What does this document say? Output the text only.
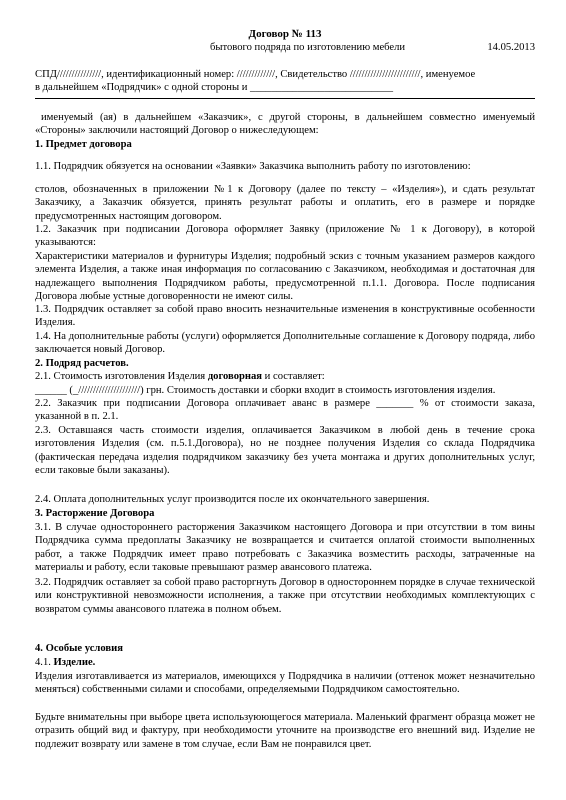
Договор № 113
бытового подряда по изготовлению мебели	14.05.2013

СПД///////////////, идентификационный номер: /////////////, Свидетельство ////////////////////////, именуемое

в дальнейшем «Подрядчик» с одной стороны и ___________________________

именуемый (ая) в дальнейшем «Заказчик», с другой стороны, в дальнейшем совместно именуемый «Стороны» заключили настоящий Договор о нижеследующем:
1. Предмет договора
1.1. Подрядчик обязуется на основании «Заявки» Заказчика выполнить работу по изготовлению:
столов, обозначенных в приложении №1 к Договору (далее по тексту – «Изделия»), и сдать результат Заказчику, а Заказчик обязуется, принять результат работы и оплатить, его в размере и порядке предусмотренных настоящим договором.
1.2. Заказчик при подписании Договора оформляет Заявку (приложение № 1 к Договору), в которой указываются:
Характеристики материалов и фурнитуры Изделия; подробный эскиз с точным указанием размеров каждого элемента Изделия, а также иная информация по согласованию с Заказчиком, необходимая и достаточная для надлежащего выполнения Подрядчиком работы, предусмотренной п.1.1. Договора. После подписания Договора любые устные договоренности не имеют силы.
1.3. Подрядчик оставляет за собой право вносить незначительные изменения в конструктивные особенности Изделия.
1.4. На дополнительные работы (услуги) оформляется Дополнительные соглашение к Договору подряда, либо заключается новый Договор.
2. Подряд расчетов.
2.1. Стоимость изготовления Изделия договорная и составляет:
______ (_/////////////////////) грн. Стоимость доставки и сборки входит в стоимость изготовления изделия.
2.2. Заказчик при подписании Договора оплачивает аванс в размере _______ % от стоимости заказа, указанной в п. 2.1.
2.3. Оставшаяся часть стоимости изделия, оплачивается Заказчиком в любой день в течение срока изготовления Изделия (см. п.5.1.Договора), но не позднее получения Изделия со склада Подрядчика (фактическая передача изделия подрядчиком заказчику без учета монтажа и других дополнительных услуг, если таковые были заказаны).
2.4. Оплата дополнительных услуг производится после их окончательного завершения.
3. Расторжение Договора
3.1. В случае одностороннего расторжения Заказчиком настоящего Договора и при отсутствии в том вины Подрядчика сумма предоплаты Заказчику не возвращается и считается оплатой стоимости выполненных работ, а также Подрядчик имеет право потребовать с Заказчика возместить расходы, затраченные на материалы и работу, если таковые превышают размер авансового платежа.
3.2. Подрядчик оставляет за собой право расторгнуть Договор в одностороннем порядке в случае технической или конструктивной невозможности исполнения, а также при отсутствии необходимых комплектующих с возвратом суммы авансового платежа в полном объем.
4. Особые условия
4.1. Изделие.
Изделия изготавливается из материалов, имеющихся у Подрядчика в наличии (оттенок может незначительно меняться) собственными силами и способами, определяемыми Подрядчиком самостоятельно.
Будьте внимательны при выборе цвета используюющегося материала. Маленький фрагмент образца может не отразить общий вид и фактуру, при необходимости уточните на производстве его внешний вид. Изделие не подлежит возврату или замене в том случае, если Вам не понравился цвет.
